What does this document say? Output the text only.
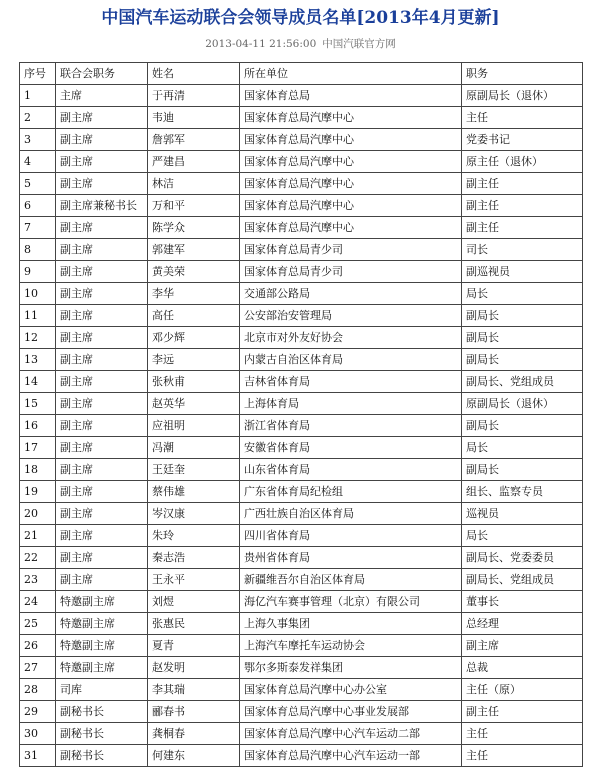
中国汽车运动联合会领导成员名单[2013年4月更新]
2013-04-11 21:56:00 中国汽联官方网
序号	联合会职务	姓名	所在单位	职务
1	主席	于再清	国家体育总局	原副局长（退休）
2	副主席	韦迪	国家体育总局汽摩中心	主任
3	副主席	詹郭军	国家体育总局汽摩中心	党委书记
4	副主席	严建昌	国家体育总局汽摩中心	原主任（退休）
5	副主席	林洁	国家体育总局汽摩中心	副主任
6	副主席兼秘书长	万和平	国家体育总局汽摩中心	副主任
7	副主席	陈学众	国家体育总局汽摩中心	副主任
8	副主席	郭建军	国家体育总局青少司	司长
9	副主席	黄美荣	国家体育总局青少司	副巡视员
10	副主席	李华	交通部公路局	局长
11	副主席	高任	公安部治安管理局	副局长
12	副主席	邓少辉	北京市对外友好协会	副局长
13	副主席	李远	内蒙古自治区体育局	副局长
14	副主席	张秋甫	吉林省体育局	副局长、党组成员
15	副主席	赵英华	上海体育局	原副局长（退休）
16	副主席	应祖明	浙江省体育局	副局长
17	副主席	冯潮	安徽省体育局	局长
18	副主席	王廷奎	山东省体育局	副局长
19	副主席	蔡伟雄	广东省体育局纪检组	组长、监察专员
20	副主席	岑汉康	广西壮族自治区体育局	巡视员
21	副主席	朱玲	四川省体育局	局长
22	副主席	秦志浩	贵州省体育局	副局长、党委委员
23	副主席	王永平	新疆维吾尔自治区体育局	副局长、党组成员
24	特邀副主席	刘煜	海亿汽车赛事管理（北京）有限公司	董事长
25	特邀副主席	张惠民	上海久事集团	总经理
26	特邀副主席	夏青	上海汽车摩托车运动协会	副主席
27	特邀副主席	赵发明	鄂尔多斯泰发祥集团	总裁
28	司库	李其瑞	国家体育总局汽摩中心办公室	主任（原）
29	副秘书长	郦春书	国家体育总局汽摩中心事业发展部	副主任
30	副秘书长	龚桐春	国家体育总局汽摩中心汽车运动二部	主任
31	副秘书长	何建东	国家体育总局汽摩中心汽车运动一部	主任
